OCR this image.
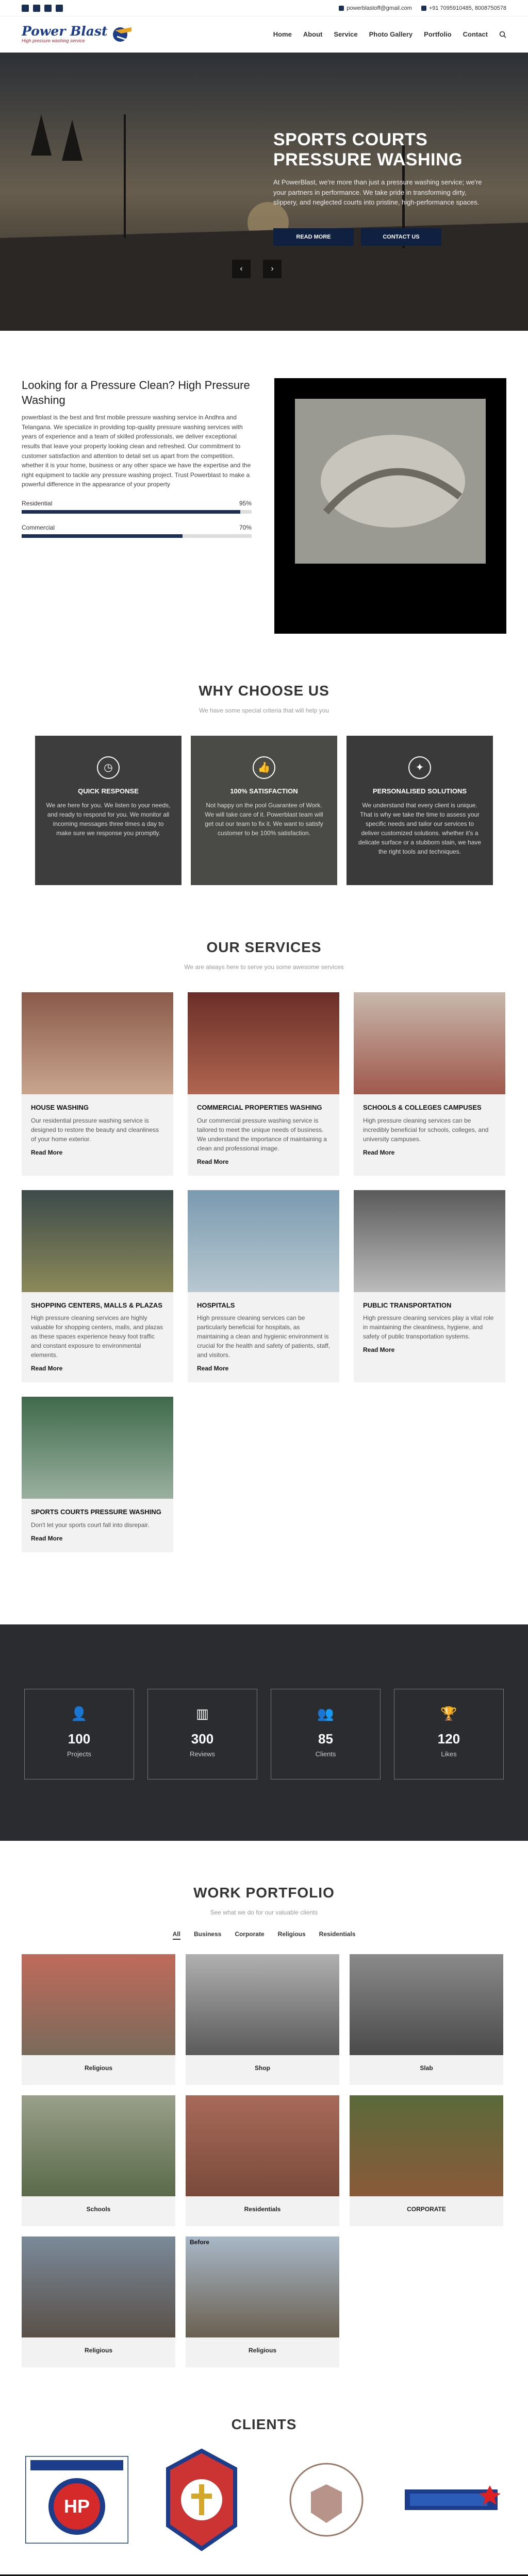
powerblastoff@gmail.com	+91 7095910485, 8008750578
Power Blast
High pressure washing service
Home About Service Photo Gallery Portfolio Contact
SPORTS COURTS PRESSURE WASHING
At PowerBlast, we're more than just a pressure washing service; we're your partners in performance. We take pride in transforming dirty, slippery, and neglected courts into pristine, high-performance spaces.
READ MORE	CONTACT US
‹	›
Looking for a Pressure Clean? High Pressure Washing
powerblast is the best and first mobile pressure washing service in Andhra and Telangana. We specialize in providing top-quality pressure washing services with years of experience and a team of skilled professionals, we deliver exceptional results that leave your property looking clean and refreshed. Our commitment to customer satisfaction and attention to detail set us apart from the competition. whether it is your home, business or any other space we have the expertise and the right equipment to tackle any pressure washing project. Trust Powerblast to make a powerful difference in the appearance of your property
Residential	95%
Commercial	70%
WHY CHOOSE US
We have some special criteria that will help you
◷
QUICK RESPONSE

We are here for you. We listen to your needs, and ready to respond for you. We monitor all incoming messages three times a day to make sure we response you promptly.

👍
100% SATISFACTION

Not happy on the pool Guarantee of Work. We will take care of it. Powerblast team will get out our team to fix it. We want to satisfy customer to be 100% satisfaction.

✦
PERSONALISED SOLUTIONS

We understand that every client is unique. That is why we take the time to assess your specific needs and tailor our services to deliver customized solutions. whether it's a delicate surface or a stubborn stain, we have the right tools and techniques.

OUR SERVICES
We are always here to serve you some awesome services
HOUSE WASHING

Our residential pressure washing service is designed to restore the beauty and cleanliness of your home exterior.

Read More
COMMERCIAL PROPERTIES WASHING

Our commercial pressure washing service is tailored to meet the unique needs of business. We understand the importance of maintaining a clean and professional image.

Read More
SCHOOLS & COLLEGES CAMPUSES

High pressure cleaning services can be incredibly beneficial for schools, colleges, and university campuses.

Read More
SHOPPING CENTERS, MALLS & PLAZAS

High pressure cleaning services are highly valuable for shopping centers, malls, and plazas as these spaces experience heavy foot traffic and constant exposure to environmental elements.

Read More
HOSPITALS

High pressure cleaning services can be particularly beneficial for hospitals, as maintaining a clean and hygienic environment is crucial for the health and safety of patients, staff, and visitors.

Read More
PUBLIC TRANSPORTATION

High pressure cleaning services play a vital role in maintaining the cleanliness, hygiene, and safety of public transportation systems.

Read More
SPORTS COURTS PRESSURE WASHING

Don't let your sports court fall into disrepair.

Read More
👤
100
Projects
▥
300
Reviews
👥
85
Clients
🏆
120
Likes
WORK PORTFOLIO
See what we do for our valuable clients
All Business Corporate Religious Residentials
Religious	Shop	Slab
Schools	Residentials	CORPORATE
Religious
Before
Religious
CLIENTS
HP
